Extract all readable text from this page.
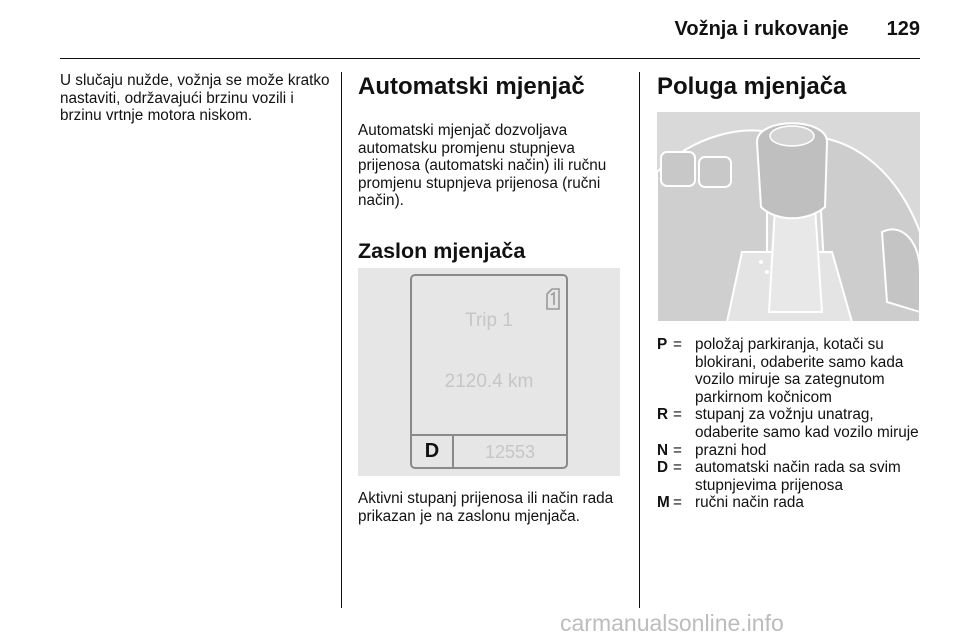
Vožnja i rukovanje 129

U slučaju nužde, vožnja se može kratko nastaviti, održavajući brzinu vozili i brzinu vrtnje motora niskom.

Automatski mjenjač

Automatski mjenjač dozvoljava automatsku promjenu stupnjeva prijenosa (automatski način) ili ručnu promjenu stupnjeva prijenosa (ručni način).

Zaslon mjenjača
Trip 1
2120.4 km
D	12553

Aktivni stupanj prijenosa ili način rada prikazan je na zaslonu mjenjača.

Poluga mjenjača
P = položaj parkiranja, kotači su blokirani, odaberite samo kada vozilo miruje sa zategnutom parkirnom kočnicom
R = stupanj za vožnju unatrag, odaberite samo kad vozilo miruje
N = prazni hod
D = automatski način rada sa svim stupnjevima prijenosa
M = ručni način rada
carmanualsonline.info
